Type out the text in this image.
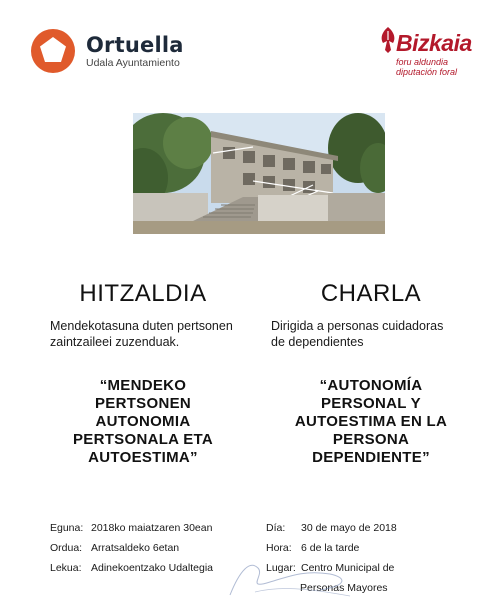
Ortuella
Udala Ayuntamiento
Bizkaia
foru aldundia
diputación foral
HITZALDIA
Mendekotasuna duten pertsonen
zaintzaileei zuzenduak.
“MENDEKO
PERTSONEN
AUTONOMIA
PERTSONALA ETA
AUTOESTIMA”
CHARLA
Dirigida a personas cuidadoras
de dependientes
“AUTONOMÍA
PERSONAL Y
AUTOESTIMA EN LA
PERSONA
DEPENDIENTE”
Eguna: 2018ko maiatzaren 30ean
Ordua: Arratsaldeko 6etan
Lekua: Adinekoentzako Udaltegia
Día:	30 de mayo de 2018
Hora: 6 de la tarde
Lugar: Centro Municipal de
Personas Mayores
